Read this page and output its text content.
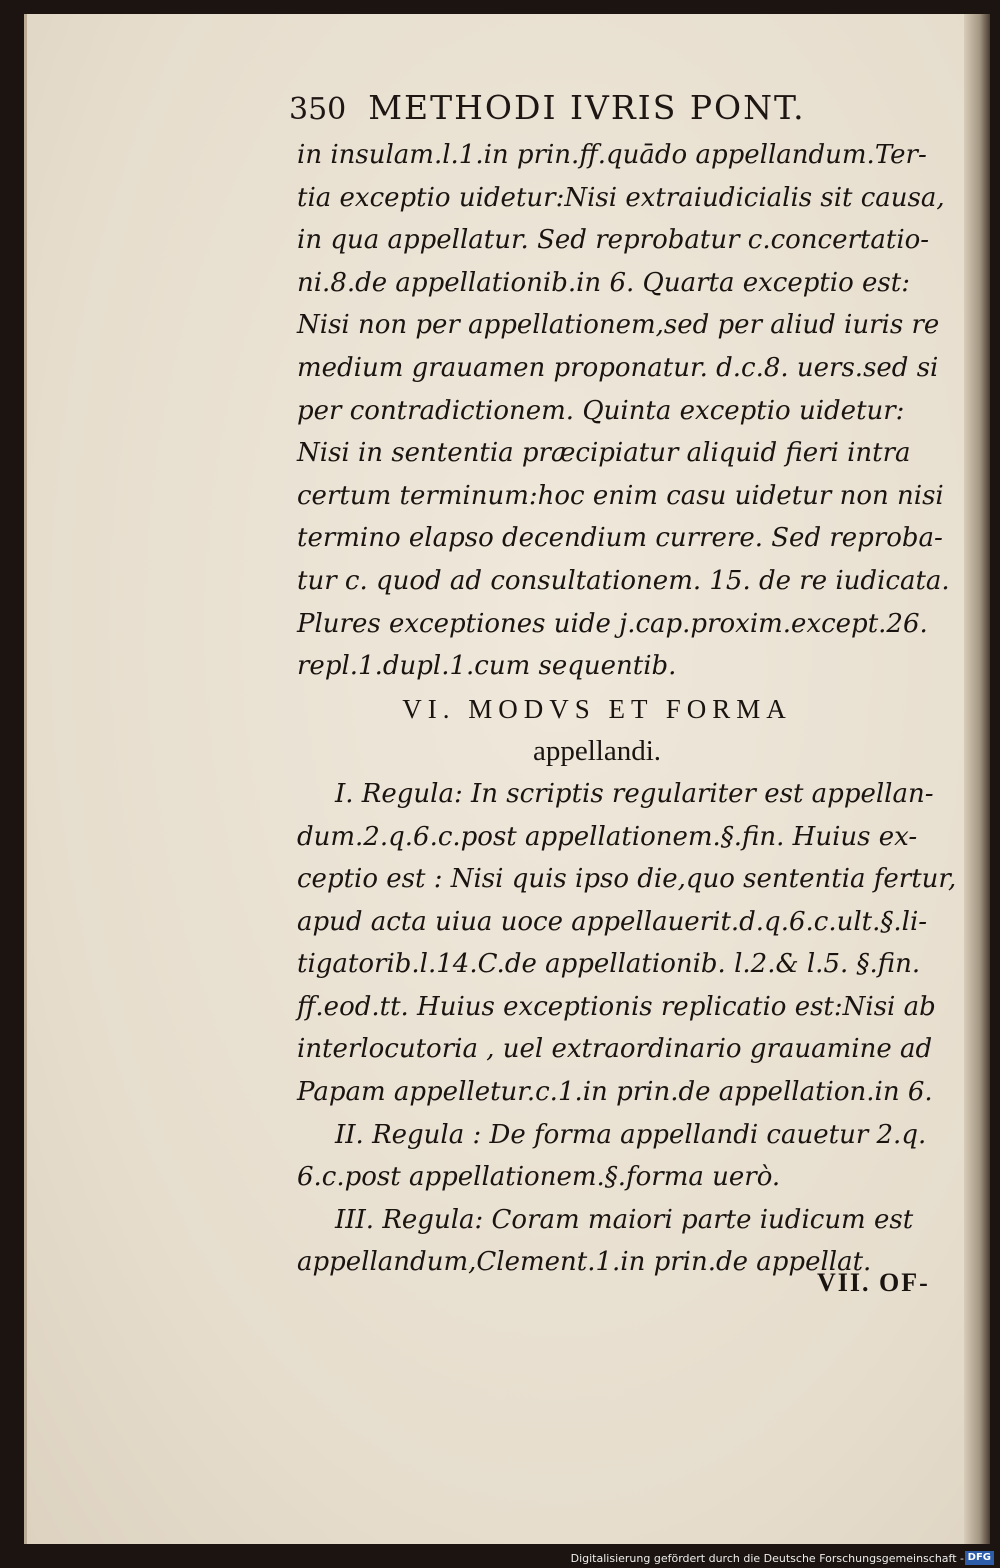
350 METHODI IVRIS PONT.
in insulam.l.1.in prin.ff.quādo appellandum.Ter-
tia exceptio uidetur:Nisi extraiudicialis sit causa,
in qua appellatur. Sed reprobatur c.concertatio-
ni.8.de appellationib.in 6. Quarta exceptio est:
Nisi non per appellationem,sed per aliud iuris re
medium grauamen proponatur. d.c.8. uers.sed si
per contradictionem. Quinta exceptio uidetur:
Nisi in sententia præcipiatur aliquid fieri intra
certum terminum:hoc enim casu uidetur non nisi
termino elapso decendium currere. Sed reproba-
tur c. quod ad consultationem. 15. de re iudicata.
Plures exceptiones uide j.cap.proxim.except.26.
repl.1.dupl.1.cum sequentib.
VI. MODVS ET FORMA
appellandi.
I. Regula: In scriptis regulariter est appellan-
dum.2.q.6.c.post appellationem.§.fin. Huius ex-
ceptio est : Nisi quis ipso die,quo sententia fertur,
apud acta uiua uoce appellauerit.d.q.6.c.ult.§.li-
tigatorib.l.14.C.de appellationib. l.2.& l.5. §.fin.
ff.eod.tt. Huius exceptionis replicatio est:Nisi ab
interlocutoria , uel extraordinario grauamine ad
Papam appelletur.c.1.in prin.de appellation.in 6.
II. Regula : De forma appellandi cauetur 2.q.
6.c.post appellationem.§.forma uerò.
III. Regula: Coram maiori parte iudicum est
appellandum,Clement.1.in prin.de appellat.
VII. OF-
Digitalisierung gefördert durch die Deutsche Forschungsgemeinschaft - DFG
